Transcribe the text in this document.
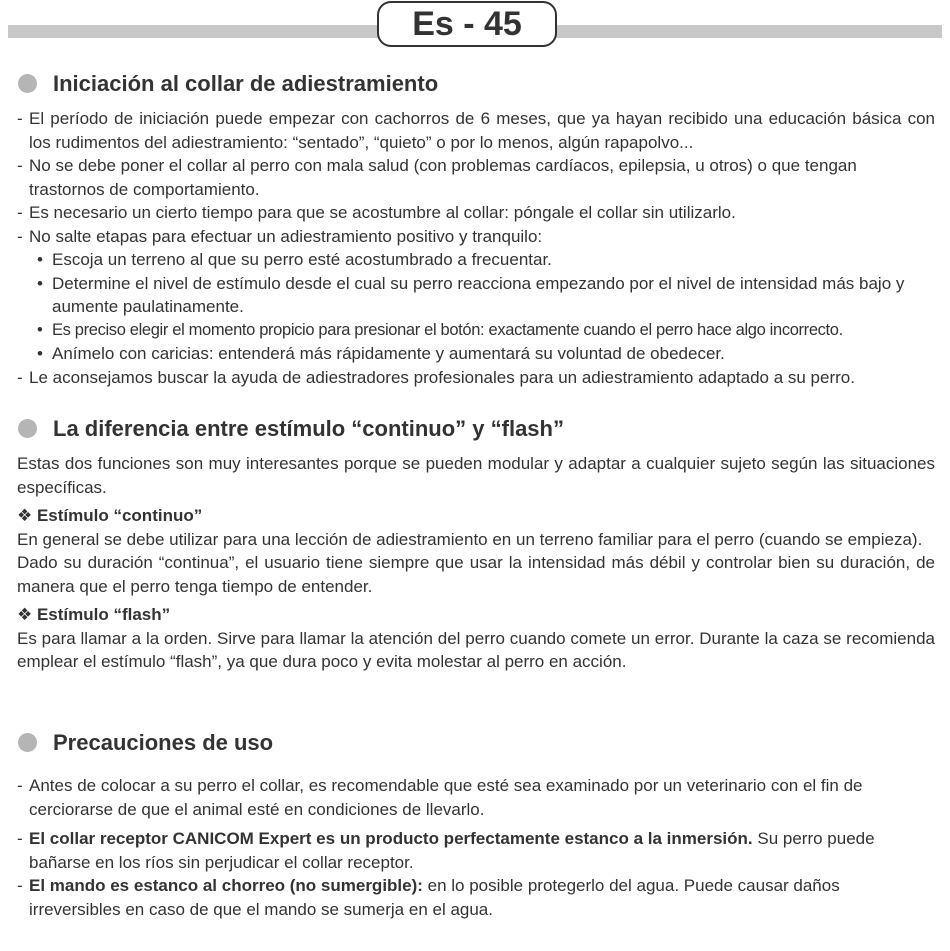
Es - 45
Iniciación al collar de adiestramiento
- El período de iniciación puede empezar con cachorros de 6 meses, que ya hayan recibido una educación básica con los rudimentos del adiestramiento: “sentado”, “quieto” o por lo menos, algún rapapolvo...
- No se debe poner el collar al perro con mala salud (con problemas cardíacos, epilepsia, u otros) o que tengan trastornos de comportamiento.
- Es necesario un cierto tiempo para que se acostumbre al collar: póngale el collar sin utilizarlo.
- No salte etapas para efectuar un adiestramiento positivo y tranquilo:
• Escoja un terreno al que su perro esté acostumbrado a frecuentar.
• Determine el nivel de estímulo desde el cual su perro reacciona empezando por el nivel de intensidad más bajo y aumente paulatinamente.
• Es preciso elegir el momento propicio para presionar el botón: exactamente cuando el perro hace algo incorrecto.
• Anímelo con caricias: entenderá más rápidamente y aumentará su voluntad de obedecer.
- Le aconsejamos buscar la ayuda de adiestradores profesionales para un adiestramiento adaptado a su perro.
La diferencia entre estímulo “continuo” y “flash”
Estas dos funciones son muy interesantes porque se pueden modular y adaptar a cualquier sujeto según las situaciones específicas.
❖ Estímulo “continuo”
En general se debe utilizar para una lección de adiestramiento en un terreno familiar para el perro (cuando se empieza).
Dado su duración “continua”, el usuario tiene siempre que usar la intensidad más débil y controlar bien su duración, de manera que el perro tenga tiempo de entender.
❖ Estímulo “flash”
Es para llamar a la orden. Sirve para llamar la atención del perro cuando comete un error. Durante la caza se recomienda emplear el estímulo “flash”, ya que dura poco y evita molestar al perro en acción.
Precauciones de uso
- Antes de colocar a su perro el collar, es recomendable que esté sea examinado por un veterinario con el fin de cerciorarse de que el animal esté en condiciones de llevarlo.
- El collar receptor CANICOM Expert es un producto perfectamente estanco a la inmersión. Su perro puede bañarse en los ríos sin perjudicar el collar receptor.
- El mando es estanco al chorreo (no sumergible): en lo posible protegerlo del agua. Puede causar daños irreversibles en caso de que el mando se sumerja en el agua.
